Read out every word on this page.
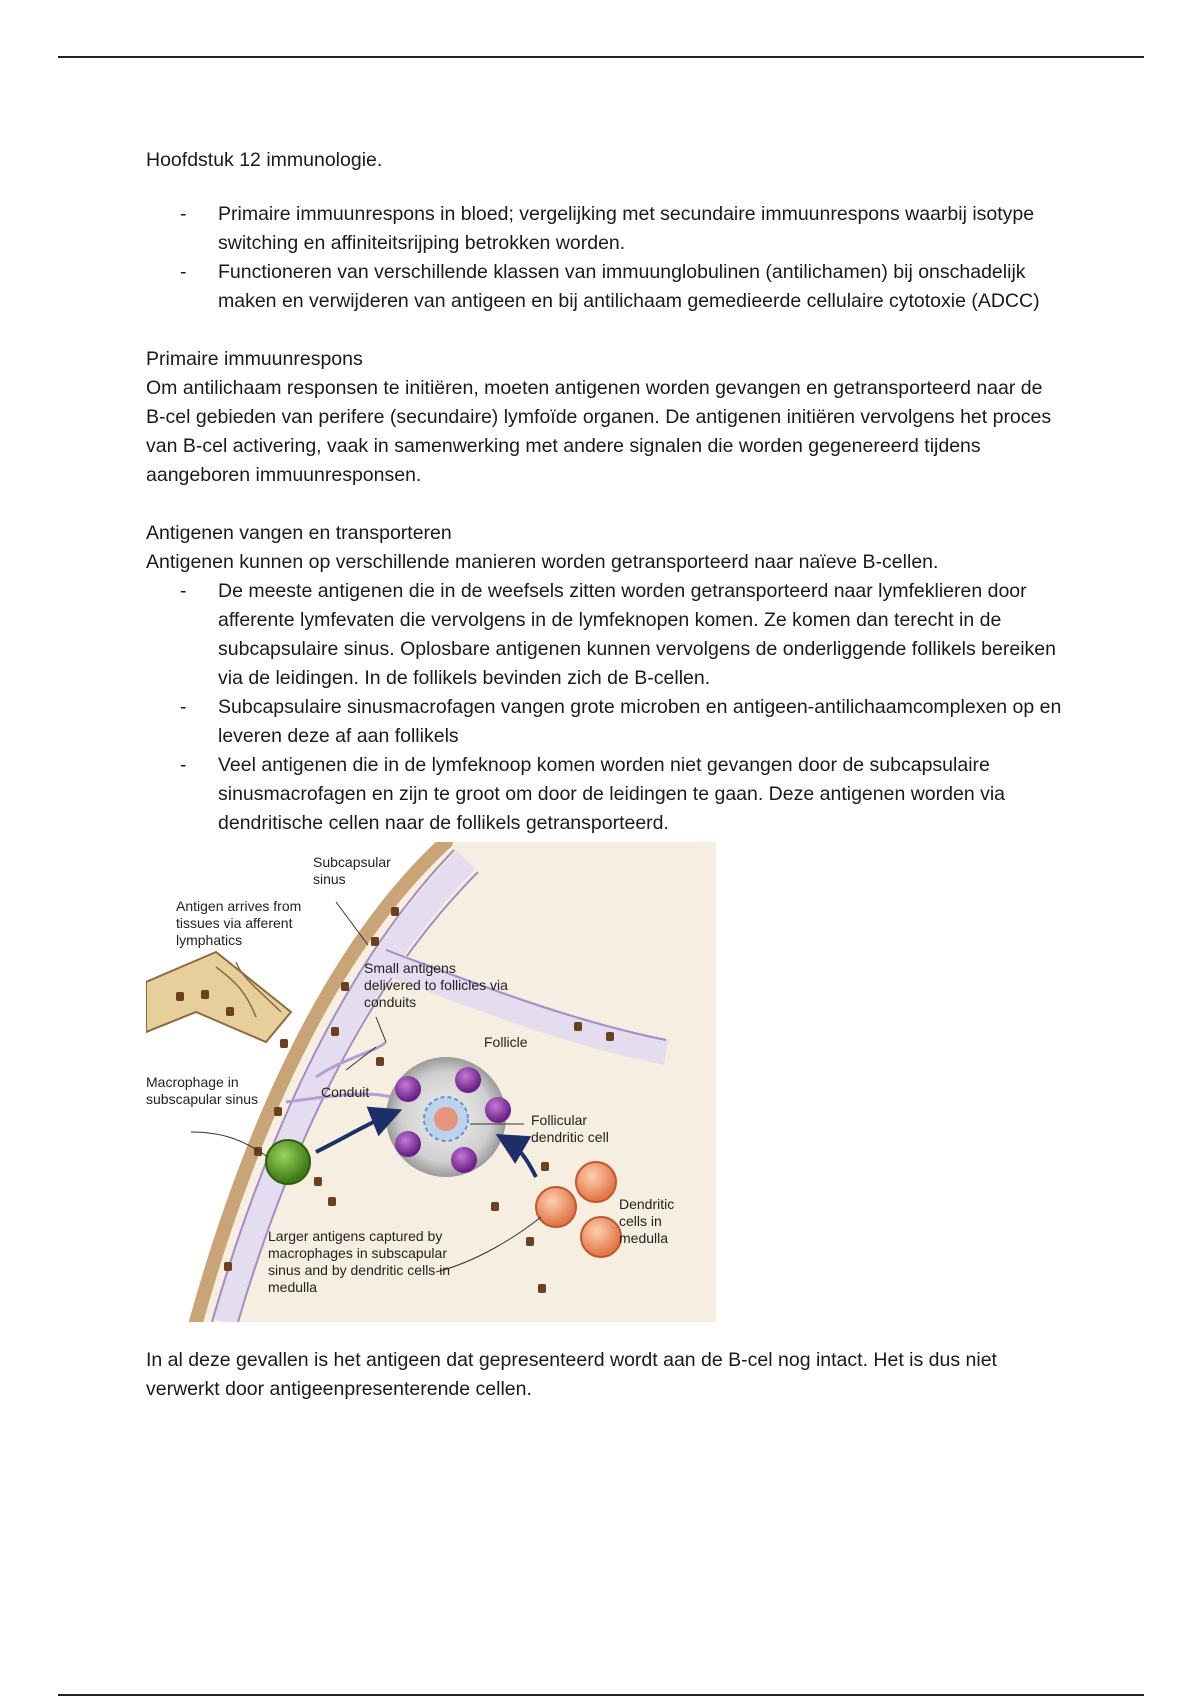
Hoofdstuk 12 immunologie.

- Primaire immuunrespons in bloed; vergelijking met secundaire immuunrespons waarbij isotype switching en affiniteitsrijping betrokken worden.
- Functioneren van verschillende klassen van immuunglobulinen (antilichamen) bij onschadelijk maken en verwijderen van antigeen en bij antilichaam gemedieerde cellulaire cytotoxie (ADCC)

Primaire immuunrespons

Om antilichaam responsen te initiëren, moeten antigenen worden gevangen en getransporteerd naar de B-cel gebieden van perifere (secundaire) lymfoïde organen. De antigenen initiëren vervolgens het proces van B-cel activering, vaak in samenwerking met andere signalen die worden gegenereerd tijdens aangeboren immuunresponsen.

Antigenen vangen en transporteren

Antigenen kunnen op verschillende manieren worden getransporteerd naar naïeve B-cellen.

- De meeste antigenen die in de weefsels zitten worden getransporteerd naar lymfeklieren door afferente lymfevaten die vervolgens in de lymfeknopen komen. Ze komen dan terecht in de subcapsulaire sinus. Oplosbare antigenen kunnen vervolgens de onderliggende follikels bereiken via de leidingen. In de follikels bevinden zich de B-cellen.
- Subcapsulaire sinusmacrofagen vangen grote microben en antigeen-antilichaamcomplexen op en leveren deze af aan follikels
- Veel antigenen die in de lymfeknoop komen worden niet gevangen door de subcapsulaire sinusmacrofagen en zijn te groot om door de leidingen te gaan. Deze antigenen worden via dendritische cellen naar de follikels getransporteerd.
Subcapsular sinus
Antigen arrives from tissues via afferent lymphatics
Small antigens delivered to follicles via conduits
Follicle
Macrophage in subscapular sinus	Conduit
Follicular dendritic cell
Dendritic cells in medulla
Larger antigens captured by macrophages in subscapular sinus and by dendritic cells in medulla

In al deze gevallen is het antigeen dat gepresenteerd wordt aan de B-cel nog intact. Het is dus niet verwerkt door antigeenpresenterende cellen.
